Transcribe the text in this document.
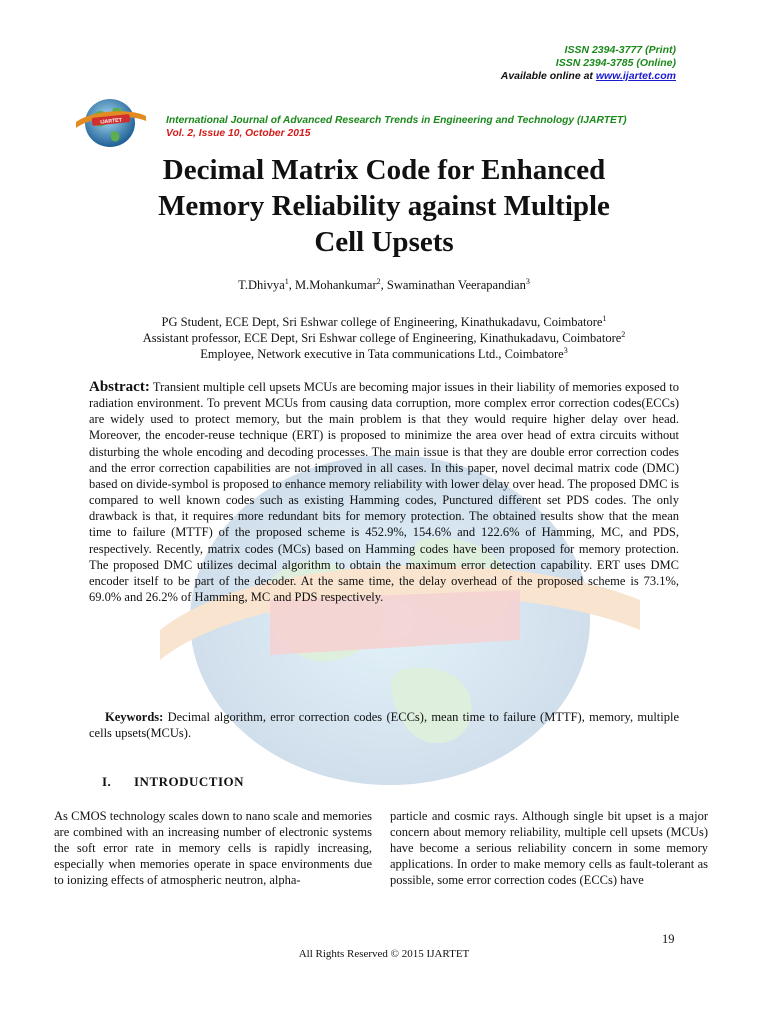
ISSN 2394-3777 (Print)
ISSN 2394-3785 (Online)
Available online at www.ijartet.com
IJARTET	International Journal of Advanced Research Trends in Engineering and Technology (IJARTET)
Vol. 2, Issue 10, October 2015
Decimal Matrix Code for Enhanced
Memory Reliability against Multiple
Cell Upsets
T.Dhivya$^1$, M.Mohankumar$^2$, Swaminathan Veerapandian$^3$
PG Student, ECE Dept, Sri Eshwar college of Engineering, Kinathukadavu, Coimbatore$^1$
Assistant professor, ECE Dept, Sri Eshwar college of Engineering, Kinathukadavu, Coimbatore$^2$
Employee, Network executive in Tata communications Ltd., Coimbatore$^3$
Abstract: Transient multiple cell upsets MCUs are becoming major issues in their liability of memories exposed to radiation environment. To prevent MCUs from causing data corruption, more complex error correction codes(ECCs) are widely used to protect memory, but the main problem is that they would require higher delay over head. Moreover, the encoder-reuse technique (ERT) is proposed to minimize the area over head of extra circuits without disturbing the whole encoding and decoding processes. The main issue is that they are double error correction codes and the error correction capabilities are not improved in all cases. In this paper, novel decimal matrix code (DMC) based on divide-symbol is proposed to enhance memory reliability with lower delay over head. The proposed DMC is compared to well known codes such as existing Hamming codes, Punctured different set PDS codes. The only drawback is that, it requires more redundant bits for memory protection. The obtained results show that the mean time to failure (MTTF) of the proposed scheme is 452.9%, 154.6% and 122.6% of Hamming, MC, and PDS, respectively. Recently, matrix codes (MCs) based on Hamming codes have been proposed for memory protection. The proposed DMC utilizes decimal algorithm to obtain the maximum error detection capability. ERT uses DMC encoder itself to be part of the decoder. At the same time, the delay overhead of the proposed scheme is 73.1%, 69.0% and 26.2% of Hamming, MC and PDS respectively.
Keywords: Decimal algorithm, error correction codes (ECCs), mean time to failure (MTTF), memory, multiple cells upsets(MCUs).
I. INTRODUCTION
As CMOS technology scales down to nano scale and memories are combined with an increasing number of electronic systems the soft error rate in memory cells is rapidly increasing, especially when memories operate in space environments due to ionizing effects of atmospheric neutron, alpha-
particle and cosmic rays. Although single bit upset is a major concern about memory reliability, multiple cell upsets (MCUs) have become a serious reliability concern in some memory applications. In order to make memory cells as fault-tolerant as possible, some error correction codes (ECCs) have
19
All Rights Reserved © 2015 IJARTET
